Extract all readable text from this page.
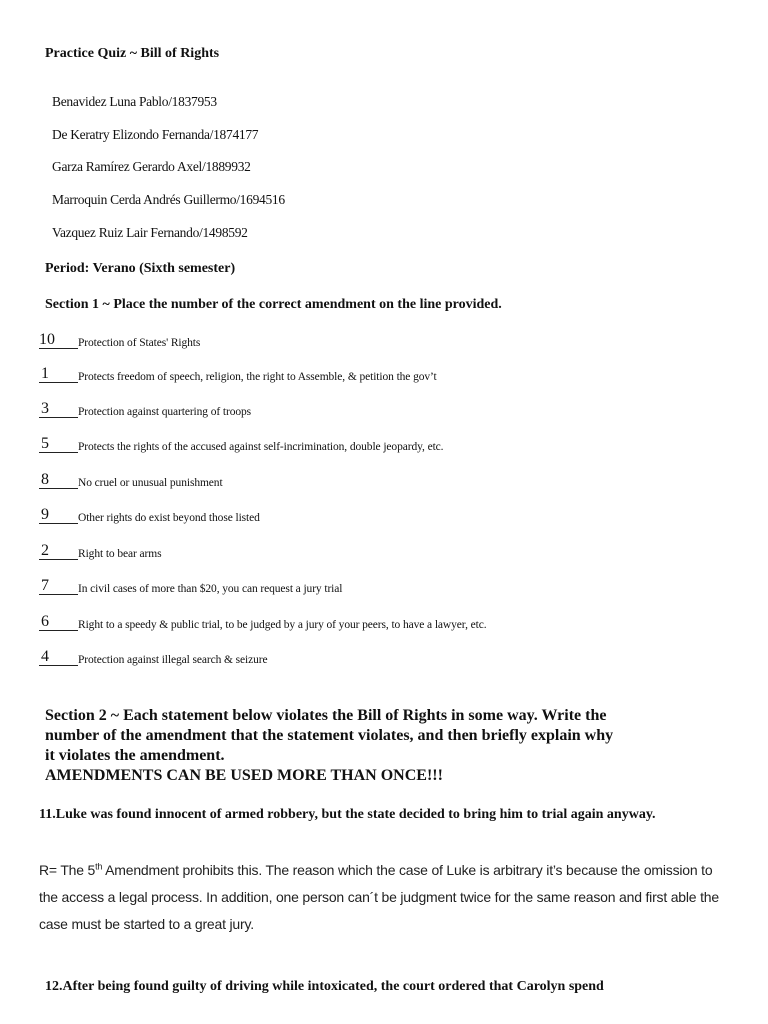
Practice Quiz ~ Bill of Rights
Benavidez Luna Pablo/1837953
De Keratry Elizondo Fernanda/1874177
Garza Ramírez Gerardo Axel/1889932
Marroquin Cerda Andrés Guillermo/1694516
Vazquez Ruiz Lair Fernando/1498592
Period: Verano (Sixth semester)
Section 1 ~ Place the number of the correct amendment on the line provided.
10 Protection of States' Rights
1	Protects freedom of speech, religion, the right to Assemble, & petition the gov’t
3	Protection against quartering of troops
5	Protects the rights of the accused against self-incrimination, double jeopardy, etc.
8	No cruel or unusual punishment
9	Other rights do exist beyond those listed
2	Right to bear arms
7	In civil cases of more than $20, you can request a jury trial
6	Right to a speedy & public trial, to be judged by a jury of your peers, to have a lawyer, etc.
4	Protection against illegal search & seizure
Section 2 ~ Each statement below violates the Bill of Rights in some way. Write the
number of the amendment that the statement violates, and then briefly explain why
it violates the amendment.
AMENDMENTS CAN BE USED MORE THAN ONCE!!!
11.Luke was found innocent of armed robbery, but the state decided to bring him to trial again anyway.
R= The 5th Amendment prohibits this. The reason which the case of Luke is arbitrary it’s because the omission to the access a legal process. In addition, one person can´t be judgment twice for the same reason and first able the case must be started to a great jury.
12.After being found guilty of driving while intoxicated, the court ordered that Carolyn spend
